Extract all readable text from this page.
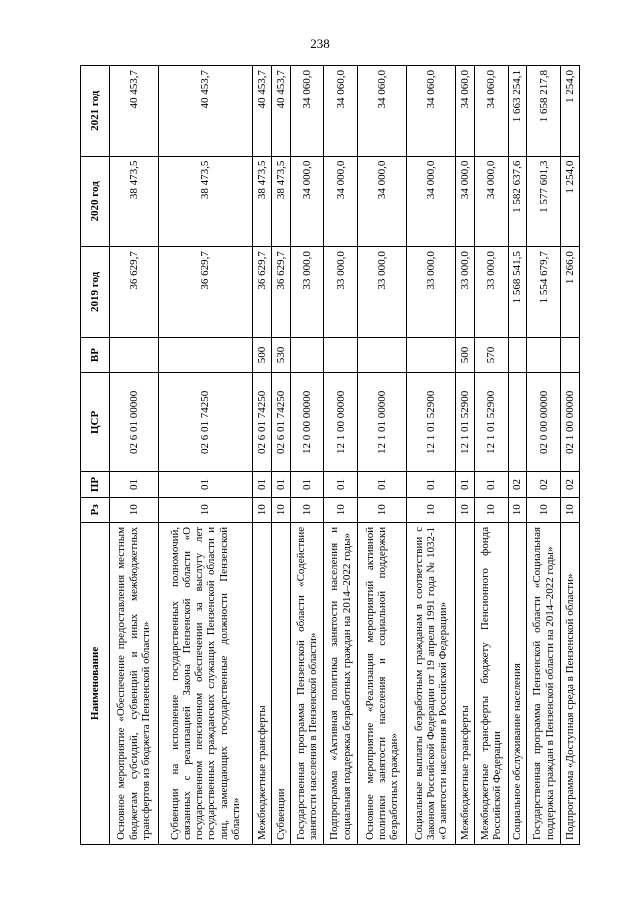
238
Наименование	Рз	ПР	ЦСР	ВР	2019 год	2020 год	2021 год
Основное мероприятие «Обеспечение предоставления местным бюджетам субсидий, субвенций и иных межбюджетных трансфертов из бюджета Пензенской области»	10	01	02 6 01 00000		36 629,7	38 473,5	40 453,7
Субвенции на исполнение государственных полномочий, связанных с реализацией Закона Пензенской области «О государственном пенсионном обеспечении за выслугу лет государственных гражданских служащих Пензенской области и лиц, замещающих государственные должности Пензенской области»	10	01	02 6 01 74250		36 629,7	38 473,5	40 453,7
Межбюджетные трансферты	10	01	02 6 01 74250	500	36 629,7	38 473,5	40 453,7
Субвенции	10	01	02 6 01 74250	530	36 629,7	38 473,5	40 453,7
Государственная программа Пензенской области «Содействие занятости населения в Пензенской области»	10	01	12 0 00 00000		33 000,0	34 000,0	34 060,0
Подпрограмма «Активная политика занятости населения и социальная поддержка безработных граждан на 2014–2022 годы»	10	01	12 1 00 00000		33 000,0	34 000,0	34 060,0
Основное мероприятие «Реализация мероприятий активной политики занятости населения и социальной поддержки безработных граждан»	10	01	12 1 01 00000		33 000,0	34 000,0	34 060,0
Социальные выплаты безработным гражданам в соответствии с Законом Российской Федерации от 19 апреля 1991 года № 1032-1 «О занятости населения в Российской Федерации»	10	01	12 1 01 52900		33 000,0	34 000,0	34 060,0
Межбюджетные трансферты	10	01	12 1 01 52900	500	33 000,0	34 000,0	34 060,0
Межбюджетные трансферты бюджету Пенсионного фонда Российской Федерации	10	01	12 1 01 52900	570	33 000,0	34 000,0	34 060,0
Социальное обслуживание населения	10	02			1 568 541,5	1 582 637,6	1 663 254,1
Государственная программа Пензенской области «Социальная поддержка граждан в Пензенской области на 2014–2022 годы»	10	02	02 0 00 00000		1 554 679,7	1 577 601,3	1 658 217,8
Подпрограмма «Доступная среда в Пензенской области»	10	02	02 1 00 00000		1 266,0	1 254,0	1 254,0
